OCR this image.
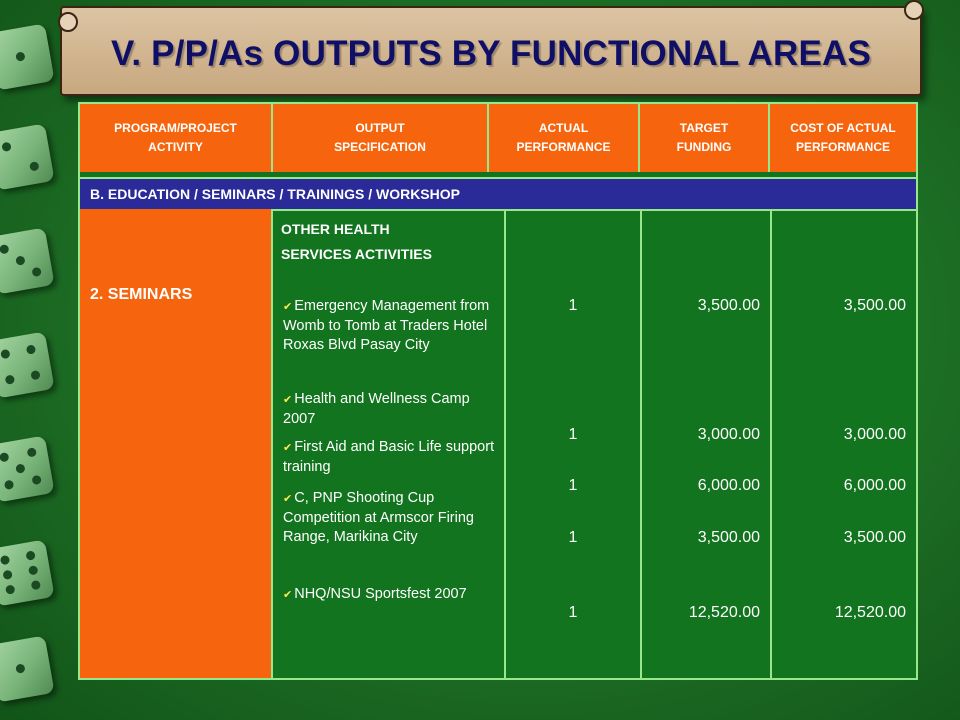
V. P/P/As OUTPUTS BY FUNCTIONAL AREAS
PROGRAM/PROJECT ACTIVITY
OUTPUT SPECIFICATION
ACTUAL PERFORMANCE
TARGET FUNDING
COST OF ACTUAL PERFORMANCE
B. EDUCATION / SEMINARS / TRAININGS / WORKSHOP
2. SEMINARS
OTHER HEALTH
SERVICES ACTIVITIES
✔ Emergency Management from Womb to Tomb at Traders Hotel Roxas Blvd Pasay City
✔ Health and Wellness Camp 2007
✔ First Aid and Basic Life support training
✔ C, PNP Shooting Cup Competition at Armscor Firing Range, Marikina City
✔ NHQ/NSU Sportsfest 2007
1
1
1
1
1
3,500.00
3,000.00
6,000.00
3,500.00
12,520.00
3,500.00
3,000.00
6,000.00
3,500.00
12,520.00
